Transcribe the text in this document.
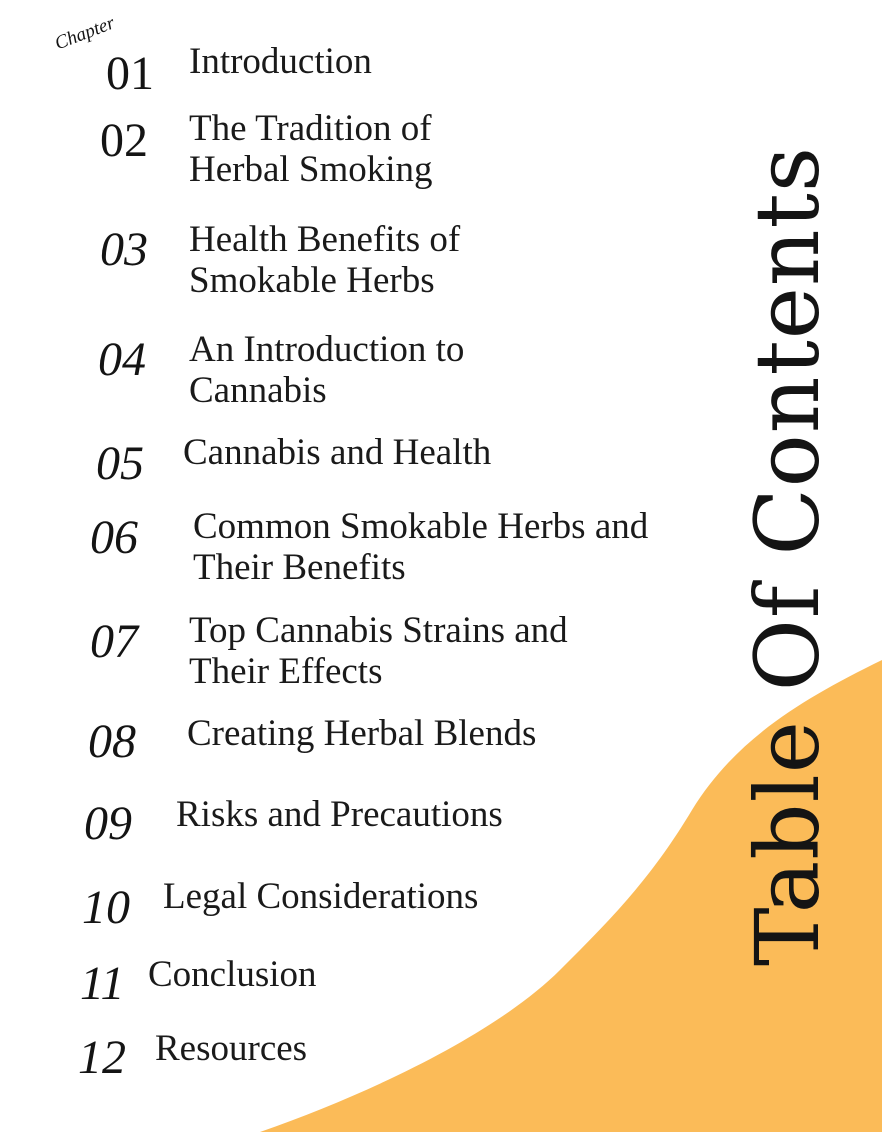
Chapter
01 Introduction
02 The Tradition of
Herbal Smoking
03 Health Benefits of
Smokable Herbs
04 An Introduction to
Cannabis
05 Cannabis and Health
06 Common Smokable Herbs and
Their Benefits
07 Top Cannabis Strains and
Their Effects
08 Creating Herbal Blends
09 Risks and Precautions
10 Legal Considerations
11 Conclusion
12 Resources
Table Of Contents
